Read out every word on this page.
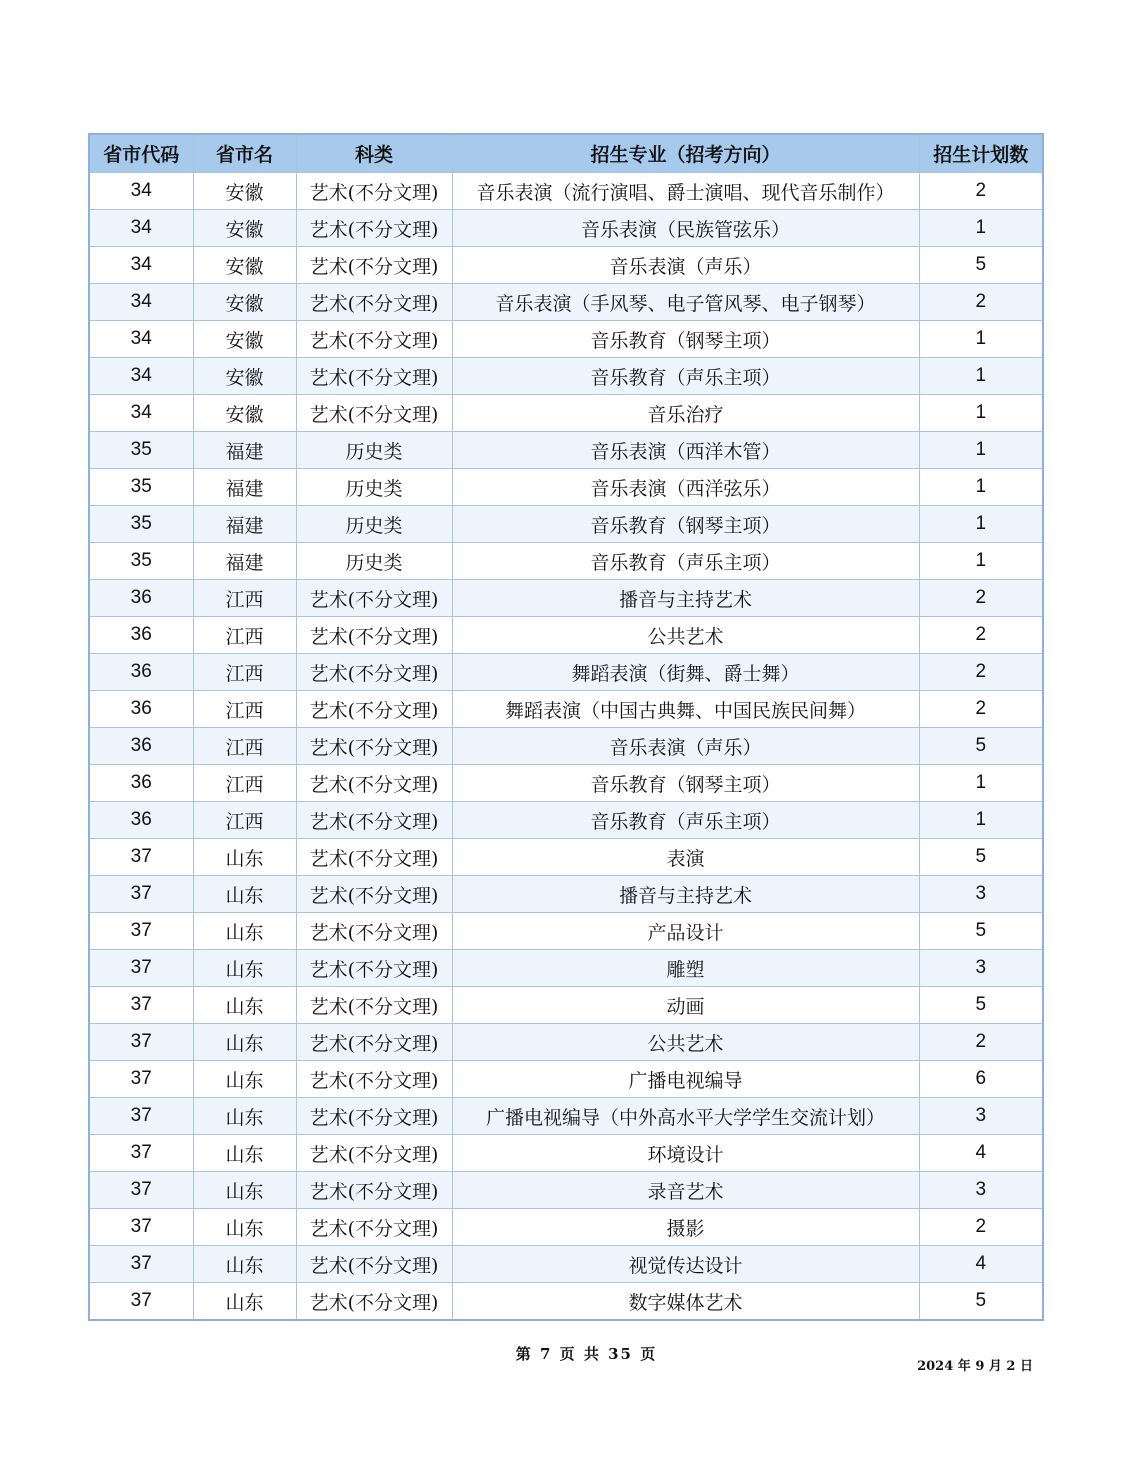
省市代码	省市名	科类	招生专业（招考方向）	招生计划数
34	安徽	艺术(不分文理)	音乐表演（流行演唱、爵士演唱、现代音乐制作）	2
34	安徽	艺术(不分文理)	音乐表演（民族管弦乐）	1
34	安徽	艺术(不分文理)	音乐表演（声乐）	5
34	安徽	艺术(不分文理)	音乐表演（手风琴、电子管风琴、电子钢琴）	2
34	安徽	艺术(不分文理)	音乐教育（钢琴主项）	1
34	安徽	艺术(不分文理)	音乐教育（声乐主项）	1
34	安徽	艺术(不分文理)	音乐治疗	1
35	福建	历史类	音乐表演（西洋木管）	1
35	福建	历史类	音乐表演（西洋弦乐）	1
35	福建	历史类	音乐教育（钢琴主项）	1
35	福建	历史类	音乐教育（声乐主项）	1
36	江西	艺术(不分文理)	播音与主持艺术	2
36	江西	艺术(不分文理)	公共艺术	2
36	江西	艺术(不分文理)	舞蹈表演（街舞、爵士舞）	2
36	江西	艺术(不分文理)	舞蹈表演（中国古典舞、中国民族民间舞）	2
36	江西	艺术(不分文理)	音乐表演（声乐）	5
36	江西	艺术(不分文理)	音乐教育（钢琴主项）	1
36	江西	艺术(不分文理)	音乐教育（声乐主项）	1
37	山东	艺术(不分文理)	表演	5
37	山东	艺术(不分文理)	播音与主持艺术	3
37	山东	艺术(不分文理)	产品设计	5
37	山东	艺术(不分文理)	雕塑	3
37	山东	艺术(不分文理)	动画	5
37	山东	艺术(不分文理)	公共艺术	2
37	山东	艺术(不分文理)	广播电视编导	6
37	山东	艺术(不分文理)	广播电视编导（中外高水平大学学生交流计划）	3
37	山东	艺术(不分文理)	环境设计	4
37	山东	艺术(不分文理)	录音艺术	3
37	山东	艺术(不分文理)	摄影	2
37	山东	艺术(不分文理)	视觉传达设计	4
37	山东	艺术(不分文理)	数字媒体艺术	5
第 7 页 共 35 页
2024 年 9 月 2 日
